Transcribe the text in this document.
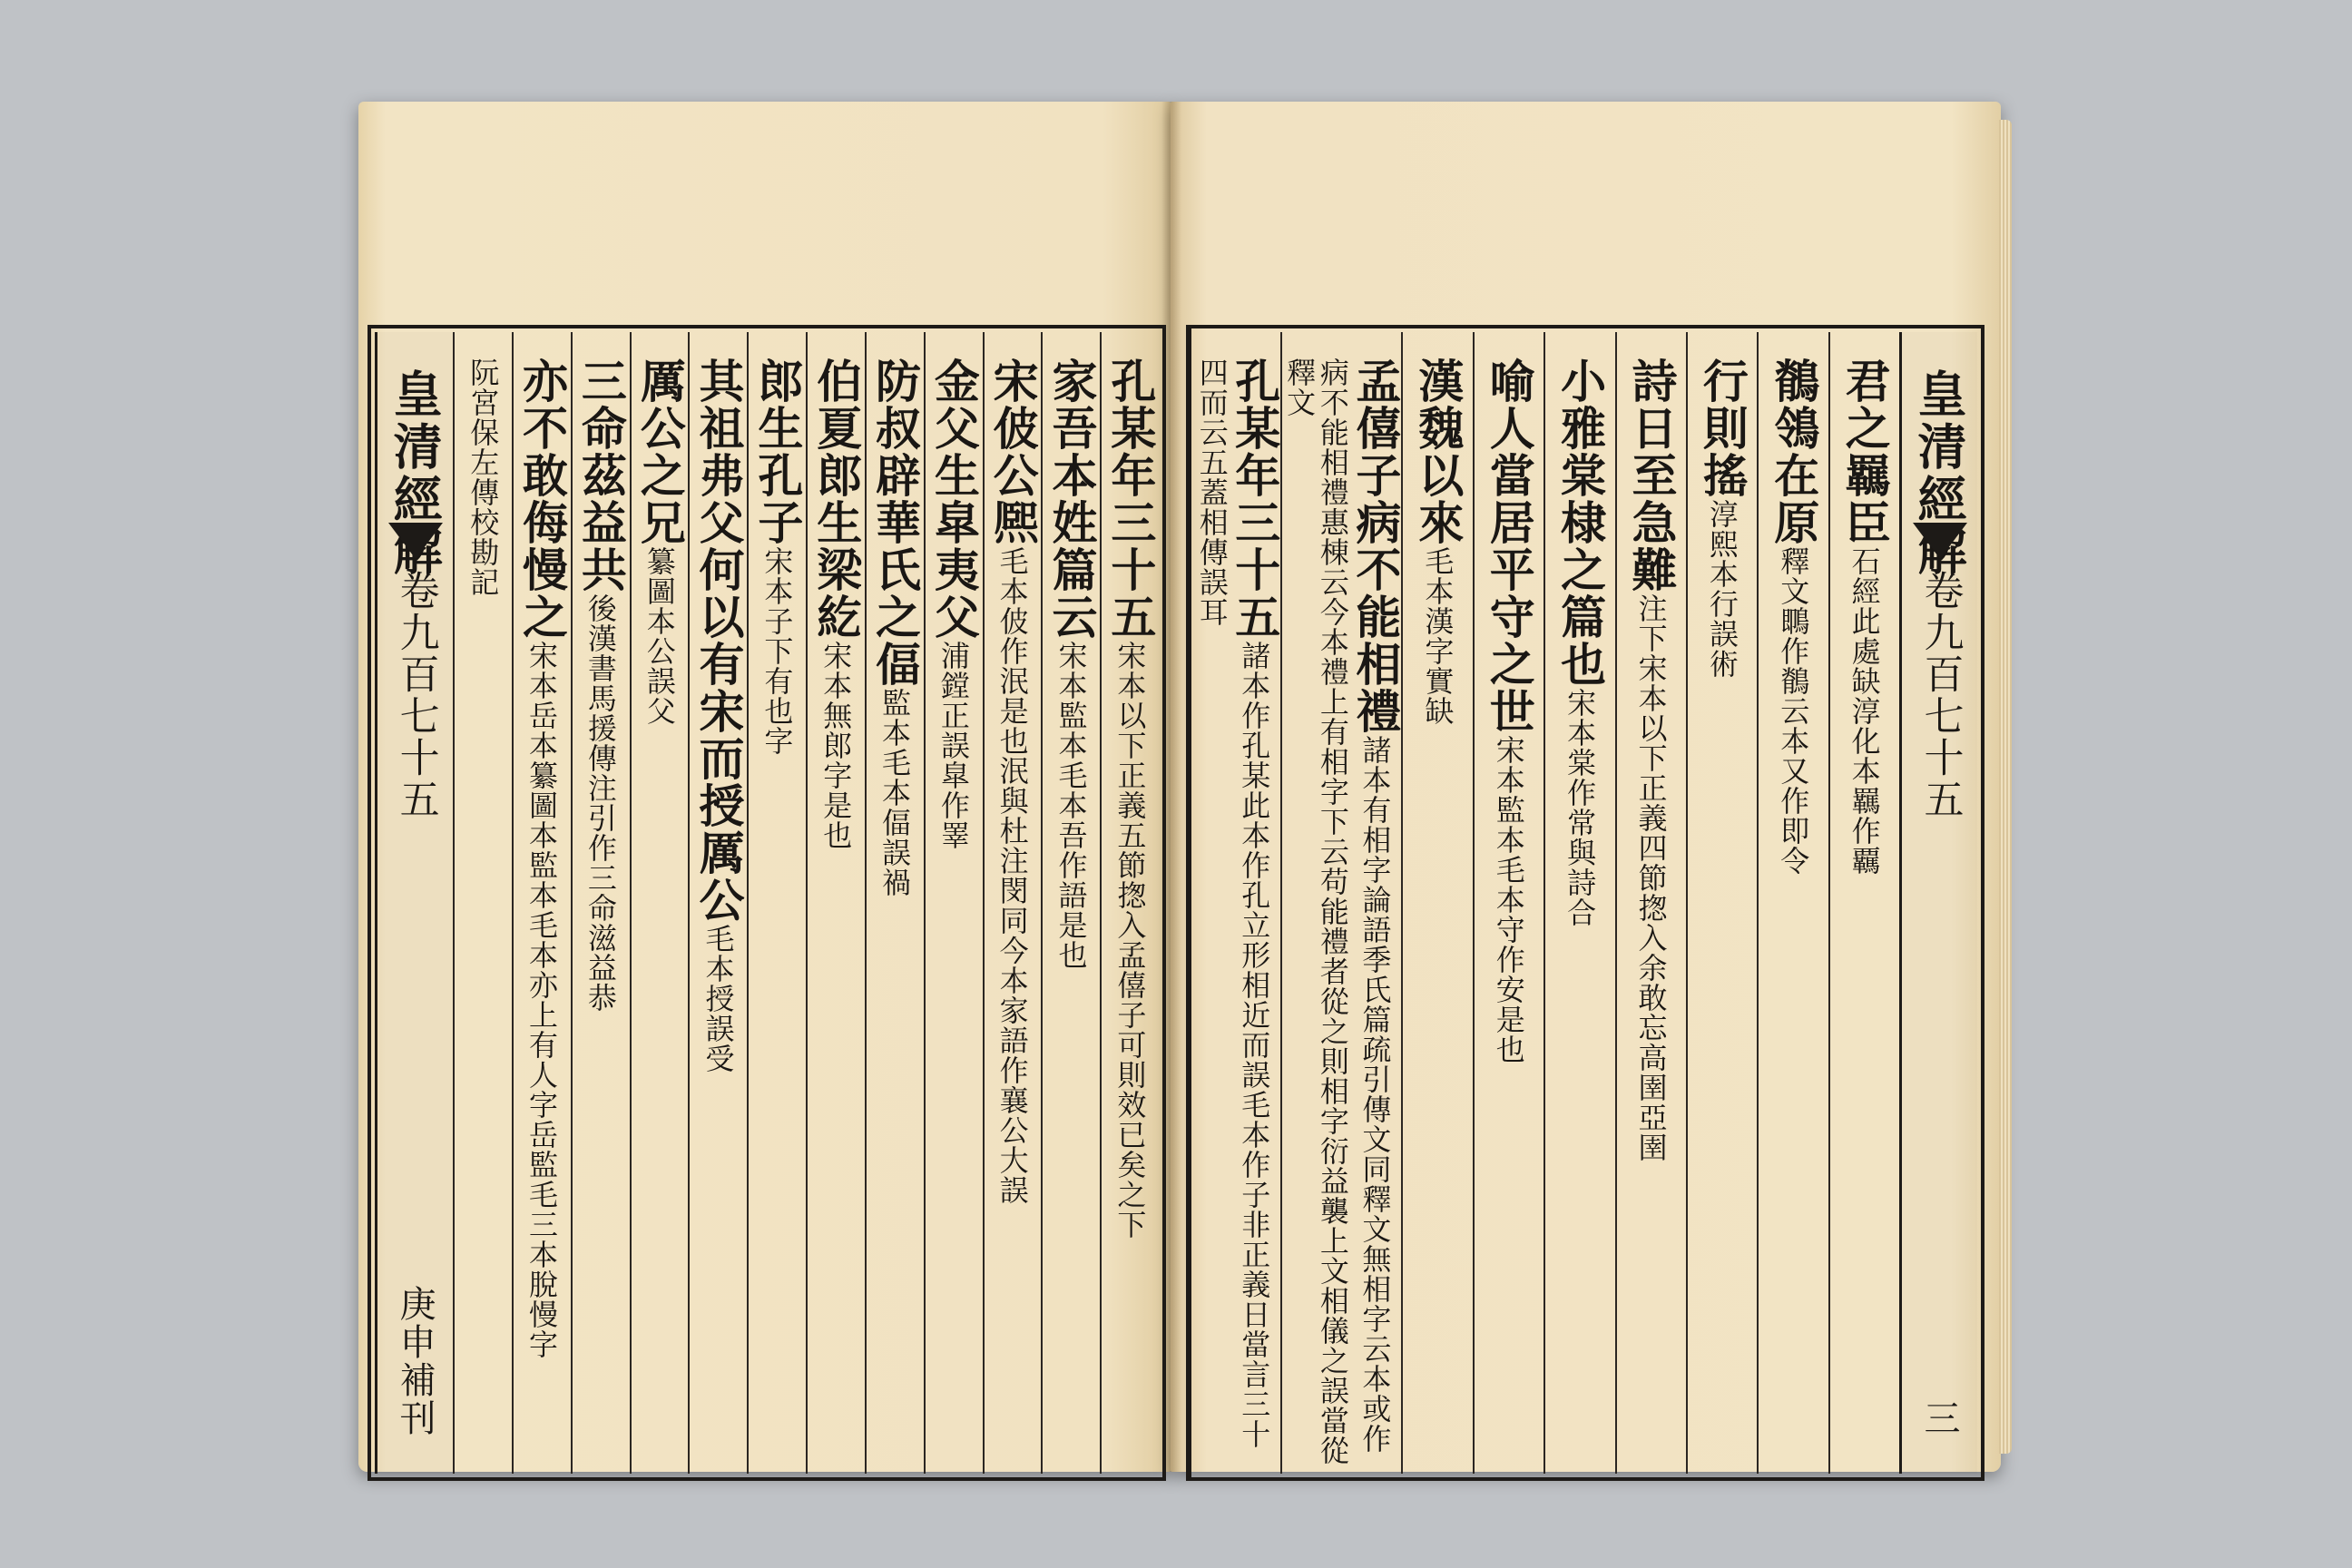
孔某年三十五宋本以下正義五節揔入孟僖子可則效已矣之下
家吾本姓篇云宋本監本毛本吾作語是也
宋佊公熈毛本佊作泯是也泯與杜注閔同今本家語作襄公大誤
金父生皐夷父浦鏜正誤皐作睪
防叔辟華氏之偪監本毛本偪誤禍
伯夏郎生梁紇宋本無郎字是也
郎生孔子宋本子下有也字
其祖弗父何以有宋而授厲公毛本授誤受
厲公之兄纂圖本公誤父
三命茲益共後漢書馬援傳注引作三命滋益恭
亦不敢侮慢之宋本岳本纂圖本監本毛本亦上有人字岳監毛三本脫慢字
阮宮保左傳校勘記
皇清經解
卷九百七十五
庚申補刊
皇清經解
卷九百七十五
三
君之羈臣石經此處缺淳化本羈作覊
鶺鴒在原釋文䳭作鶺云本又作即令
行則搖淳熙本行誤術
詩日至急難注下宋本以下正義四節揔入余敢忘高圉亞圉
小雅棠棣之篇也宋本棠作常與詩合
喻人當居平守之世宋本監本毛本守作安是也
漢魏以來毛本漢字實缺
孟僖子病不能相禮諸本有相字論語季氏篇疏引傳文同釋文無相字云本或作病不能相禮惠棟云今本禮上有相字下云苟能禮者從之則相字衍益襲上文相儀之誤當從釋文
孔某年三十五諸本作孔某此本作孔立形相近而誤毛本作子非正義日當言三十四而云五蓋相傳誤耳
